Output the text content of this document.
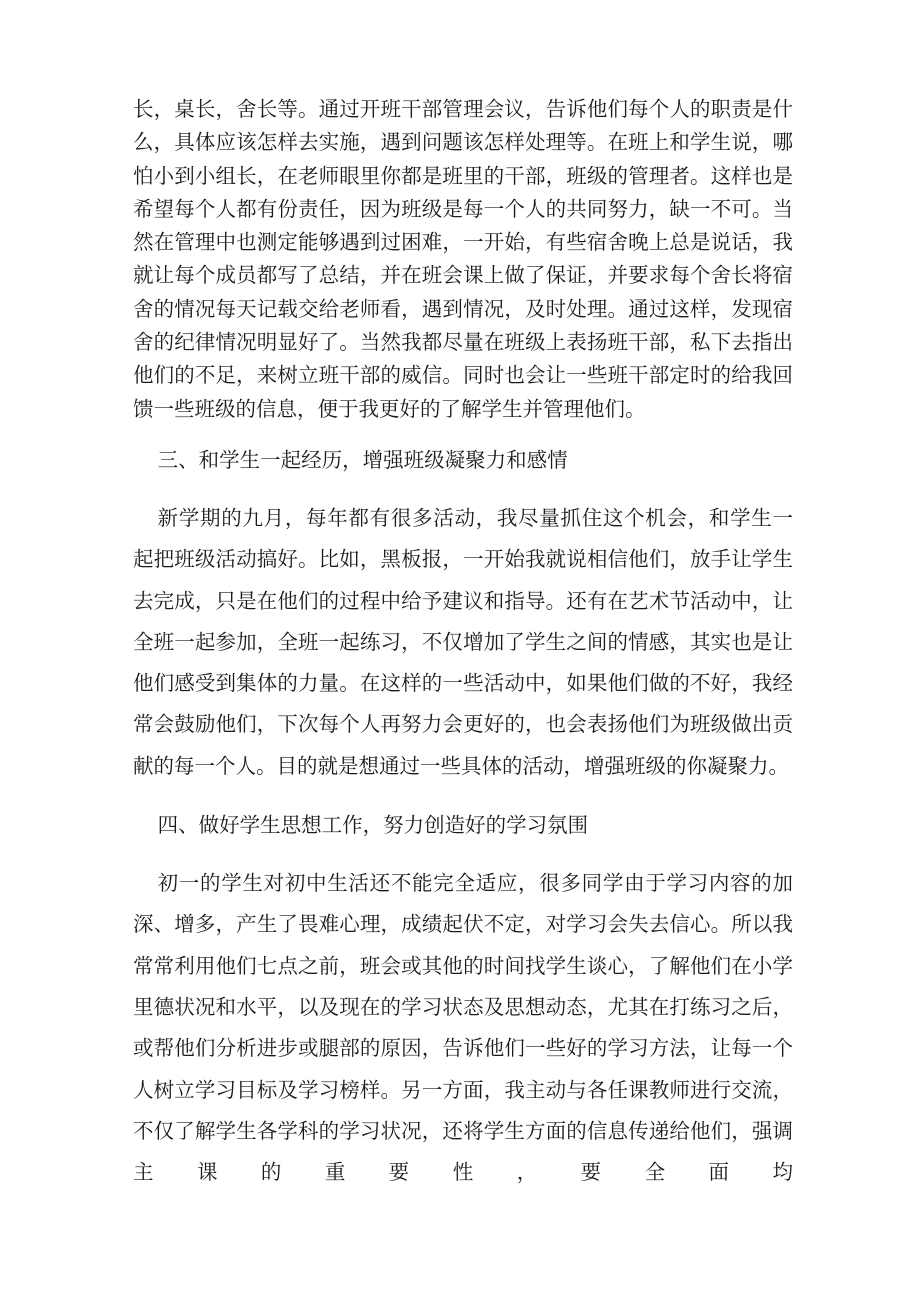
长，桌长，舍长等。通过开班干部管理会议，告诉他们每个人的职责是什么，具体应该怎样去实施，遇到问题该怎样处理等。在班上和学生说，哪怕小到小组长，在老师眼里你都是班里的干部，班级的管理者。这样也是希望每个人都有份责任，因为班级是每一个人的共同努力，缺一不可。当然在管理中也测定能够遇到过困难，一开始，有些宿舍晚上总是说话，我就让每个成员都写了总结，并在班会课上做了保证，并要求每个舍长将宿舍的情况每天记载交给老师看，遇到情况，及时处理。通过这样，发现宿舍的纪律情况明显好了。当然我都尽量在班级上表扬班干部，私下去指出他们的不足，来树立班干部的威信。同时也会让一些班干部定时的给我回馈一些班级的信息，便于我更好的了解学生并管理他们。

三、和学生一起经历，增强班级凝聚力和感情

新学期的九月，每年都有很多活动，我尽量抓住这个机会，和学生一起把班级活动搞好。比如，黑板报，一开始我就说相信他们，放手让学生去完成，只是在他们的过程中给予建议和指导。还有在艺术节活动中，让全班一起参加，全班一起练习，不仅增加了学生之间的情感，其实也是让他们感受到集体的力量。在这样的一些活动中，如果他们做的不好，我经常会鼓励他们，下次每个人再努力会更好的，也会表扬他们为班级做出贡献的每一个人。目的就是想通过一些具体的活动，增强班级的你凝聚力。

四、做好学生思想工作，努力创造好的学习氛围

初一的学生对初中生活还不能完全适应，很多同学由于学习内容的加深、增多，产生了畏难心理，成绩起伏不定，对学习会失去信心。所以我常常利用他们七点之前，班会或其他的时间找学生谈心，了解他们在小学里德状况和水平，以及现在的学习状态及思想动态，尤其在打练习之后，或帮他们分析进步或腿部的原因，告诉他们一些好的学习方法，让每一个人树立学习目标及学习榜样。另一方面，我主动与各任课教师进行交流，不仅了解学生各学科的学习状况，还将学生方面的信息传递给他们，强调主课的重要性，要全面均
